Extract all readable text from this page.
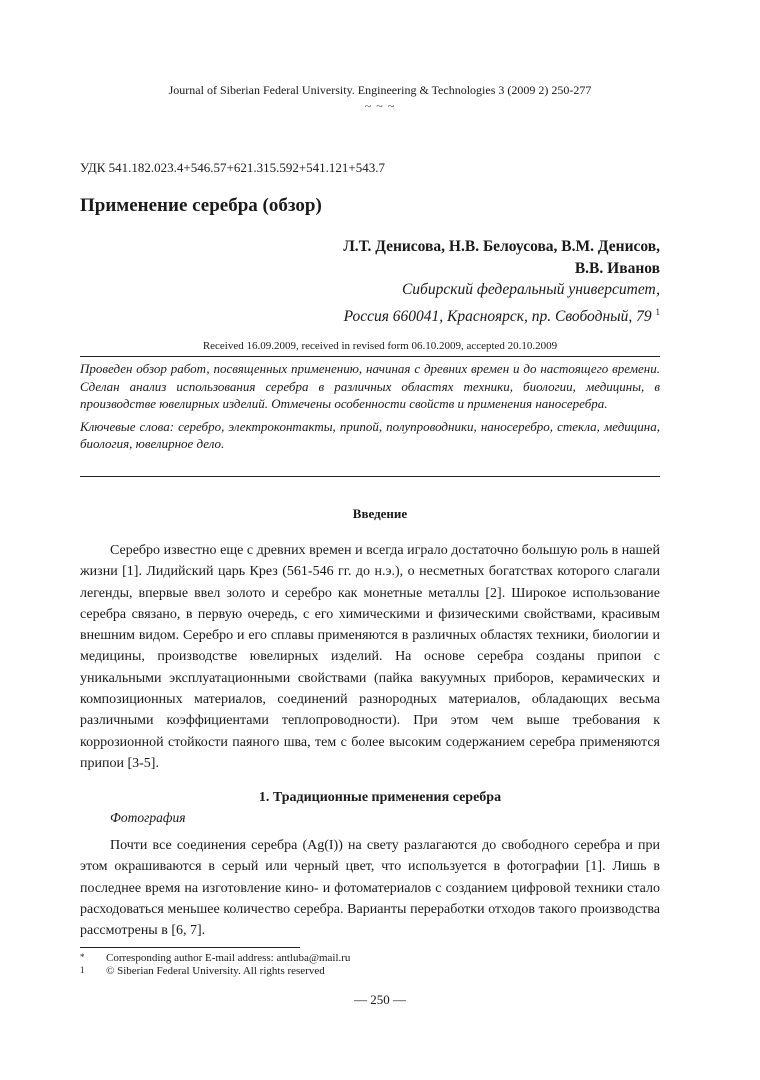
Journal of Siberian Federal University. Engineering & Technologies 3 (2009 2) 250-277
~ ~ ~
УДК 541.182.023.4+546.57+621.315.592+541.121+543.7
Применение серебра (обзор)
Л.Т. Денисова, Н.В. Белоусова, В.М. Денисов,
В.В. Иванов
Сибирский федеральный университет,
Россия 660041, Красноярск, пр. Свободный, 79 $^1$
Received 16.09.2009, received in revised form 06.10.2009, accepted 20.10.2009

Проведен обзор работ, посвященных применению, начиная с древних времен и до настоящего времени. Сделан анализ использования серебра в различных областях техники, биологии, медицины, в производстве ювелирных изделий. Отмечены особенности свойств и применения наносеребра.

Ключевые слова: серебро, электроконтакты, припой, полупроводники, наносеребро, стекла, медицина, биология, ювелирное дело.

Введение

Серебро известно еще с древних времен и всегда играло достаточно большую роль в нашей жизни [1]. Лидийский царь Крез (561-546 гг. до н.э.), о несметных богатствах которого слагали легенды, впервые ввел золото и серебро как монетные металлы [2]. Широкое использование серебра связано, в первую очередь, с его химическими и физическими свойствами, красивым внешним видом. Серебро и его сплавы применяются в различных областях техники, биологии и медицины, производстве ювелирных изделий. На основе серебра созданы припои с уникальными эксплуатационными свойствами (пайка вакуумных приборов, керамических и композиционных материалов, соединений разнородных материалов, обладающих весьма различными коэффициентами теплопроводности). При этом чем выше требования к коррозионной стойкости паяного шва, тем с более высоким содержанием серебра применяются припои [3-5].

1. Традиционные применения серебра
Фотография

Почти все соединения серебра (Ag(I)) на свету разлагаются до свободного серебра и при этом окрашиваются в серый или черный цвет, что используется в фотографии [1]. Лишь в последнее время на изготовление кино- и фотоматериалов с созданием цифровой техники стало расходоваться меньшее количество серебра. Варианты переработки отходов такого производства рассмотрены в [6, 7].

* Corresponding author E-mail address: antluba@mail.ru
1 © Siberian Federal University. All rights reserved
— 250 —
